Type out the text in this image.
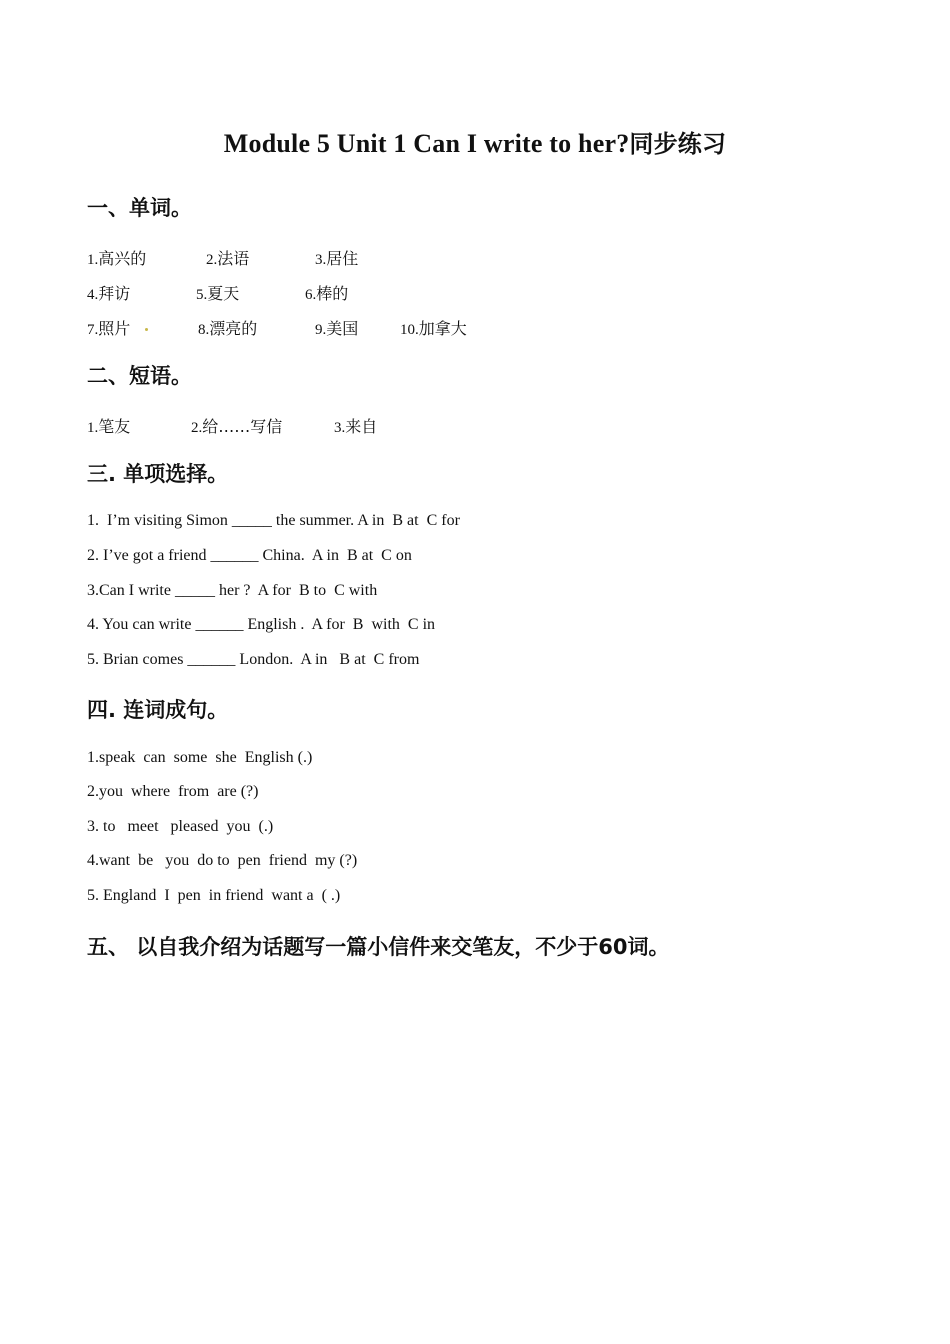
Module 5 Unit 1 Can I write to her?同步练习
一、单词。
1.高兴的	2.法语	3.居住
4.拜访	5.夏天	6.棒的
7.照片	8.漂亮的	9.美国	10.加拿大
二、短语。
1.笔友	2.给……写信	3.来自
三. 单项选择。
1.  I’m visiting Simon _____ the summer. A in  B at  C for
2. I’ve got a friend ______ China.  A in  B at  C on
3.Can I write _____ her ?  A for  B to  C with
4. You can write ______ English .  A for  B  with  C in
5. Brian comes ______ London.  A in   B at  C from
四. 连词成句。
1.speak  can  some  she  English (.)
2.you  where  from  are (?)
3. to   meet   pleased  you  (.)
4.want  be   you  do to  pen  friend  my (?)
5. England  I  pen  in friend  want a  ( .)
五、 以自我介绍为话题写一篇小信件来交笔友，不少于60词。
